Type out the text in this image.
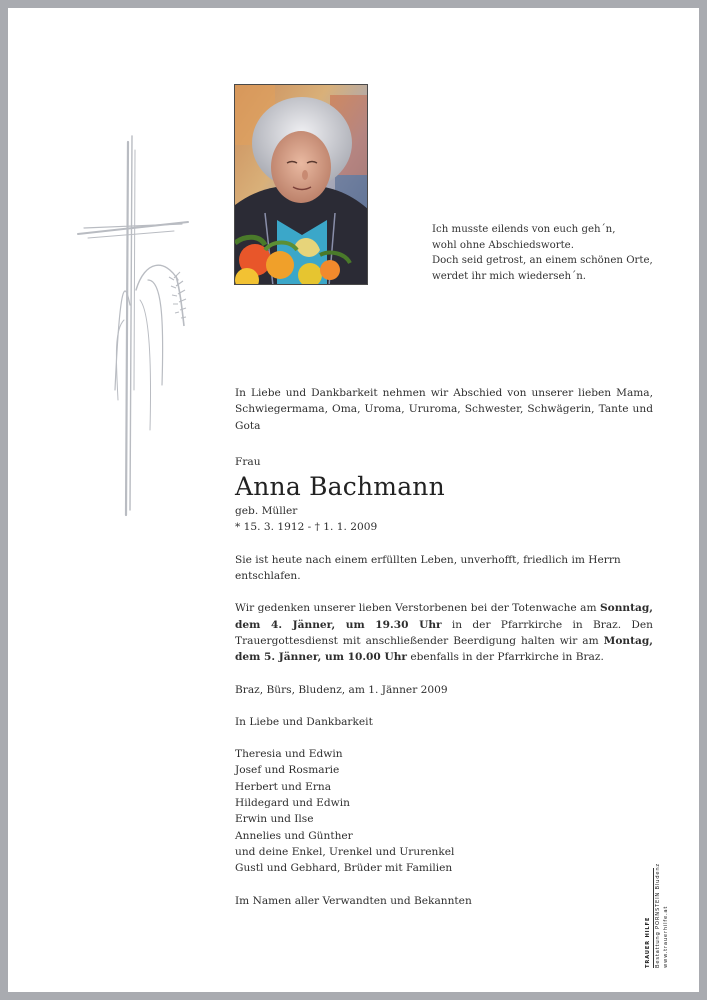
Ich musste eilends von euch geh´n,
wohl ohne Abschiedsworte.
Doch seid getrost, an einem schönen Orte,
werdet ihr mich wiederseh´n.
In Liebe und Dankbarkeit nehmen wir Abschied von unserer lieben Mama, Schwiegermama, Oma, Uroma, Ururoma, Schwester, Schwägerin, Tante und Gota
Frau
Anna Bachmann
geb. Müller
* 15. 3. 1912 - † 1. 1. 2009
Sie ist heute nach einem erfüllten Leben, unverhofft, friedlich im Herrn entschlafen.
Wir gedenken unserer lieben Verstorbenen bei der Totenwache am Sonntag, dem 4. Jänner, um 19.30 Uhr in der Pfarrkirche in Braz. Den Trauergottesdienst mit anschließender Beerdigung halten wir am Montag, dem 5. Jänner, um 10.00 Uhr ebenfalls in der Pfarrkirche in Braz.
Braz, Bürs, Bludenz, am 1. Jänner 2009
In Liebe und Dankbarkeit
Theresia und Edwin
Josef und Rosmarie
Herbert und Erna
Hildegard und Edwin
Erwin und Ilse
Annelies und Günther
und deine Enkel, Urenkel und Ururenkel
Gustl und Gebhard, Brüder mit Familien
Im Namen aller Verwandten und Bekannten
TRAUER HILFE Bestattung PORNSTEIN Bludenz www.trauerhilfe.at
